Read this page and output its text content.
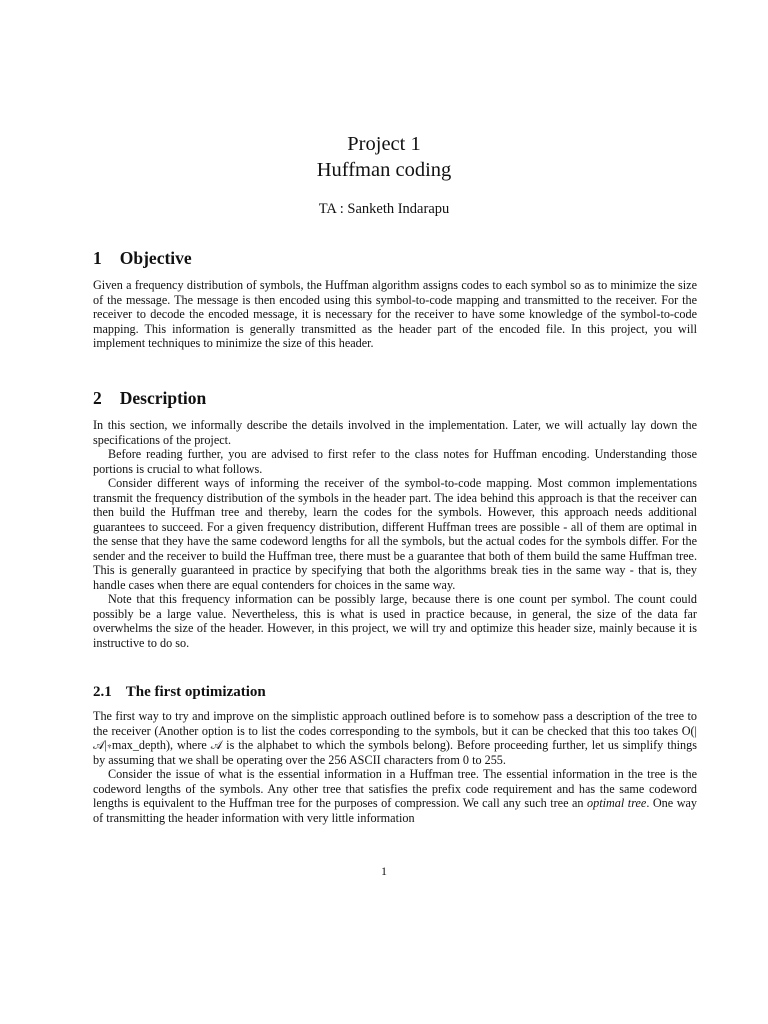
Project 1
Huffman coding
TA : Sanketh Indarapu
1 Objective

Given a frequency distribution of symbols, the Huffman algorithm assigns codes to each symbol so as to minimize the size of the message. The message is then encoded using this symbol-to-code mapping and transmitted to the receiver. For the receiver to decode the encoded message, it is necessary for the receiver to have some knowledge of the symbol-to-code mapping. This information is generally transmitted as the header part of the encoded file. In this project, you will implement techniques to minimize the size of this header.

2 Description

In this section, we informally describe the details involved in the implementation. Later, we will actually lay down the specifications of the project.

Before reading further, you are advised to first refer to the class notes for Huffman encoding. Understanding those portions is crucial to what follows.

Consider different ways of informing the receiver of the symbol-to-code mapping. Most common implementations transmit the frequency distribution of the symbols in the header part. The idea behind this approach is that the receiver can then build the Huffman tree and thereby, learn the codes for the symbols. However, this approach needs additional guarantees to succeed. For a given frequency distribution, different Huffman trees are possible - all of them are optimal in the sense that they have the same codeword lengths for all the symbols, but the actual codes for the symbols differ. For the sender and the receiver to build the Huffman tree, there must be a guarantee that both of them build the same Huffman tree. This is generally guaranteed in practice by specifying that both the algorithms break ties in the same way - that is, they handle cases when there are equal contenders for choices in the same way.

Note that this frequency information can be possibly large, because there is one count per symbol. The count could possibly be a large value. Nevertheless, this is what is used in practice because, in general, the size of the data far overwhelms the size of the header. However, in this project, we will try and optimize this header size, mainly because it is instructive to do so.

2.1 The first optimization

The first way to try and improve on the simplistic approach outlined before is to somehow pass a description of the tree to the receiver (Another option is to list the codes corresponding to the symbols, but it can be checked that this too takes O(|𝒜|∗max_depth), where 𝒜 is the alphabet to which the symbols belong). Before proceeding further, let us simplify things by assuming that we shall be operating over the 256 ASCII characters from 0 to 255.

Consider the issue of what is the essential information in a Huffman tree. The essential information in the tree is the codeword lengths of the symbols. Any other tree that satisfies the prefix code requirement and has the same codeword lengths is equivalent to the Huffman tree for the purposes of compression. We call any such tree an optimal tree. One way of transmitting the header information with very little information

1
